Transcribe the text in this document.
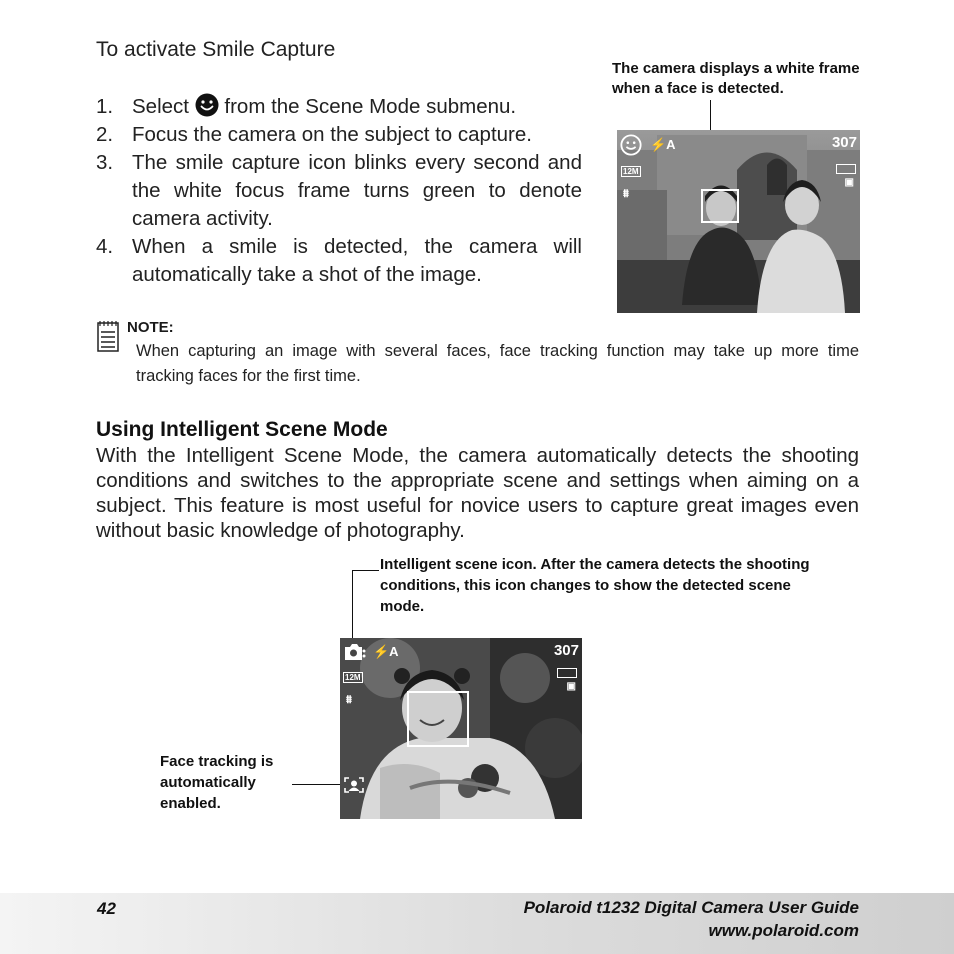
To activate Smile Capture
1. Select from the Scene Mode submenu.
2. Focus the camera on the subject to capture.
3. The smile capture icon blinks every second and the white focus frame turns green to denote camera activity.
4. When a smile is detected, the camera will automatically take a shot of the image.
The camera displays a white frame when a face is detected.
⚡A	307
12M
⩩
▣
NOTE:
When capturing an image with several faces, face tracking function may take up more time tracking faces for the first time.
Using Intelligent Scene Mode
With the Intelligent Scene Mode, the camera automatically detects the shooting conditions and switches to the appropriate scene and settings when aiming on a subject. This feature is most useful for novice users to capture great images even without basic knowledge of photography.
Intelligent scene icon. After the camera detects the shooting conditions, this icon changes to show the detected scene mode.
Face tracking is automatically enabled.
⚡A	307
12M
⩩
▣
42	Polaroid t1232 Digital Camera User Guide
www.polaroid.com
